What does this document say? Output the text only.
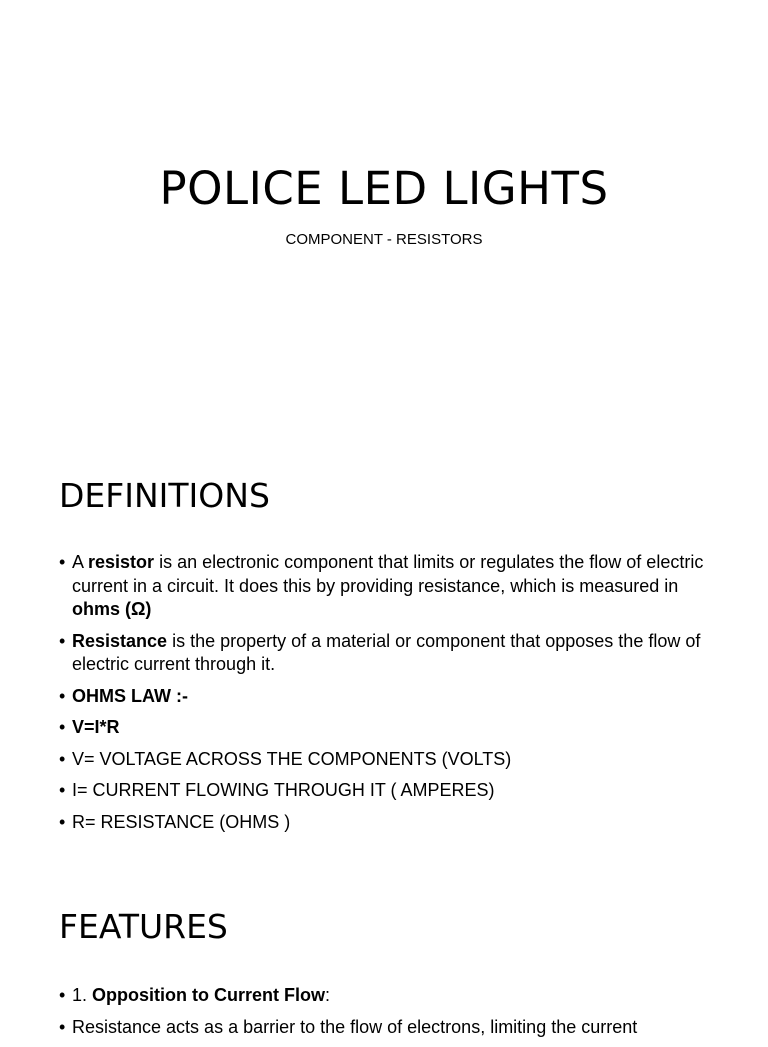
POLICE LED LIGHTS
COMPONENT - RESISTORS
DEFINITIONS
• A resistor is an electronic component that limits or regulates the flow of electric current in a circuit. It does this by providing resistance, which is measured in ohms (Ω)
• Resistance is the property of a material or component that opposes the flow of electric current through it.
• OHMS LAW :-
• V=I*R
• V= VOLTAGE ACROSS THE COMPONENTS (VOLTS)
• I= CURRENT FLOWING THROUGH IT ( AMPERES)
• R= RESISTANCE (OHMS )
FEATURES
• 1. Opposition to Current Flow:
• Resistance acts as a barrier to the flow of electrons, limiting the current
